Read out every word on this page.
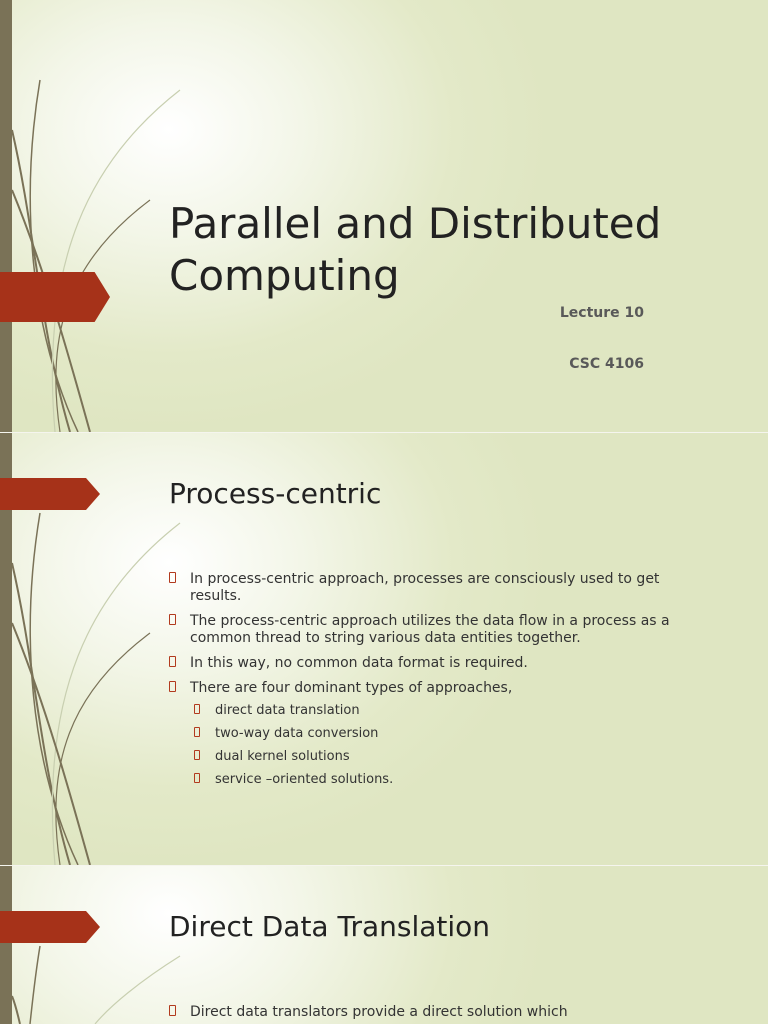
Parallel and Distributed Computing
Lecture 10
CSC 4106
Process-centric
In process-centric approach, processes are consciously used to get results.
The process-centric approach utilizes the data flow in a process as a common thread to string various data entities together.
In this way, no common data format is required.
There are four dominant types of approaches,
direct data translation
two-way data conversion
dual kernel solutions
service –oriented solutions.
Direct Data Translation
Direct data translators provide a direct solution which
